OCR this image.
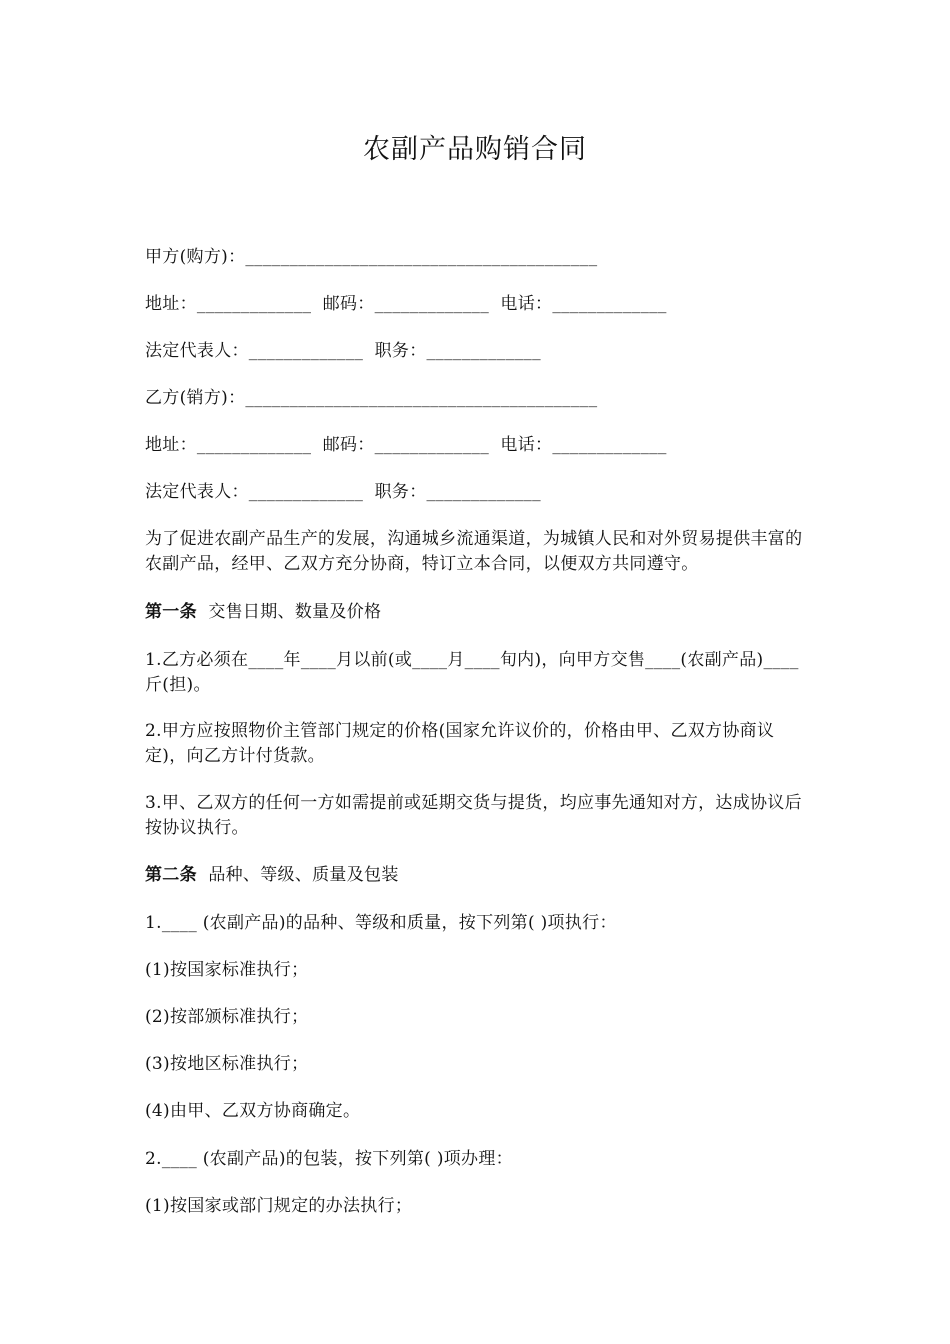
农副产品购销合同
甲方(购方)：________________________________________
地址：_____________  邮码：_____________  电话：_____________
法定代表人：_____________  职务：_____________
乙方(销方)：________________________________________
地址：_____________  邮码：_____________  电话：_____________
法定代表人：_____________  职务：_____________
为了促进农副产品生产的发展，沟通城乡流通渠道，为城镇人民和对外贸易提供丰富的农副产品，经甲、乙双方充分协商，特订立本合同，以便双方共同遵守。
第一条  交售日期、数量及价格
1.乙方必须在____年____月以前(或____月____旬内)，向甲方交售____(农副产品)____斤(担)。
2.甲方应按照物价主管部门规定的价格(国家允许议价的，价格由甲、乙双方协商议定)，向乙方计付货款。
3.甲、乙双方的任何一方如需提前或延期交货与提货，均应事先通知对方，达成协议后按协议执行。
第二条  品种、等级、质量及包装
1.____ (农副产品)的品种、等级和质量，按下列第( )项执行：
(1)按国家标准执行；
(2)按部颁标准执行；
(3)按地区标准执行；
(4)由甲、乙双方协商确定。
2.____ (农副产品)的包装，按下列第( )项办理：
(1)按国家或部门规定的办法执行；
